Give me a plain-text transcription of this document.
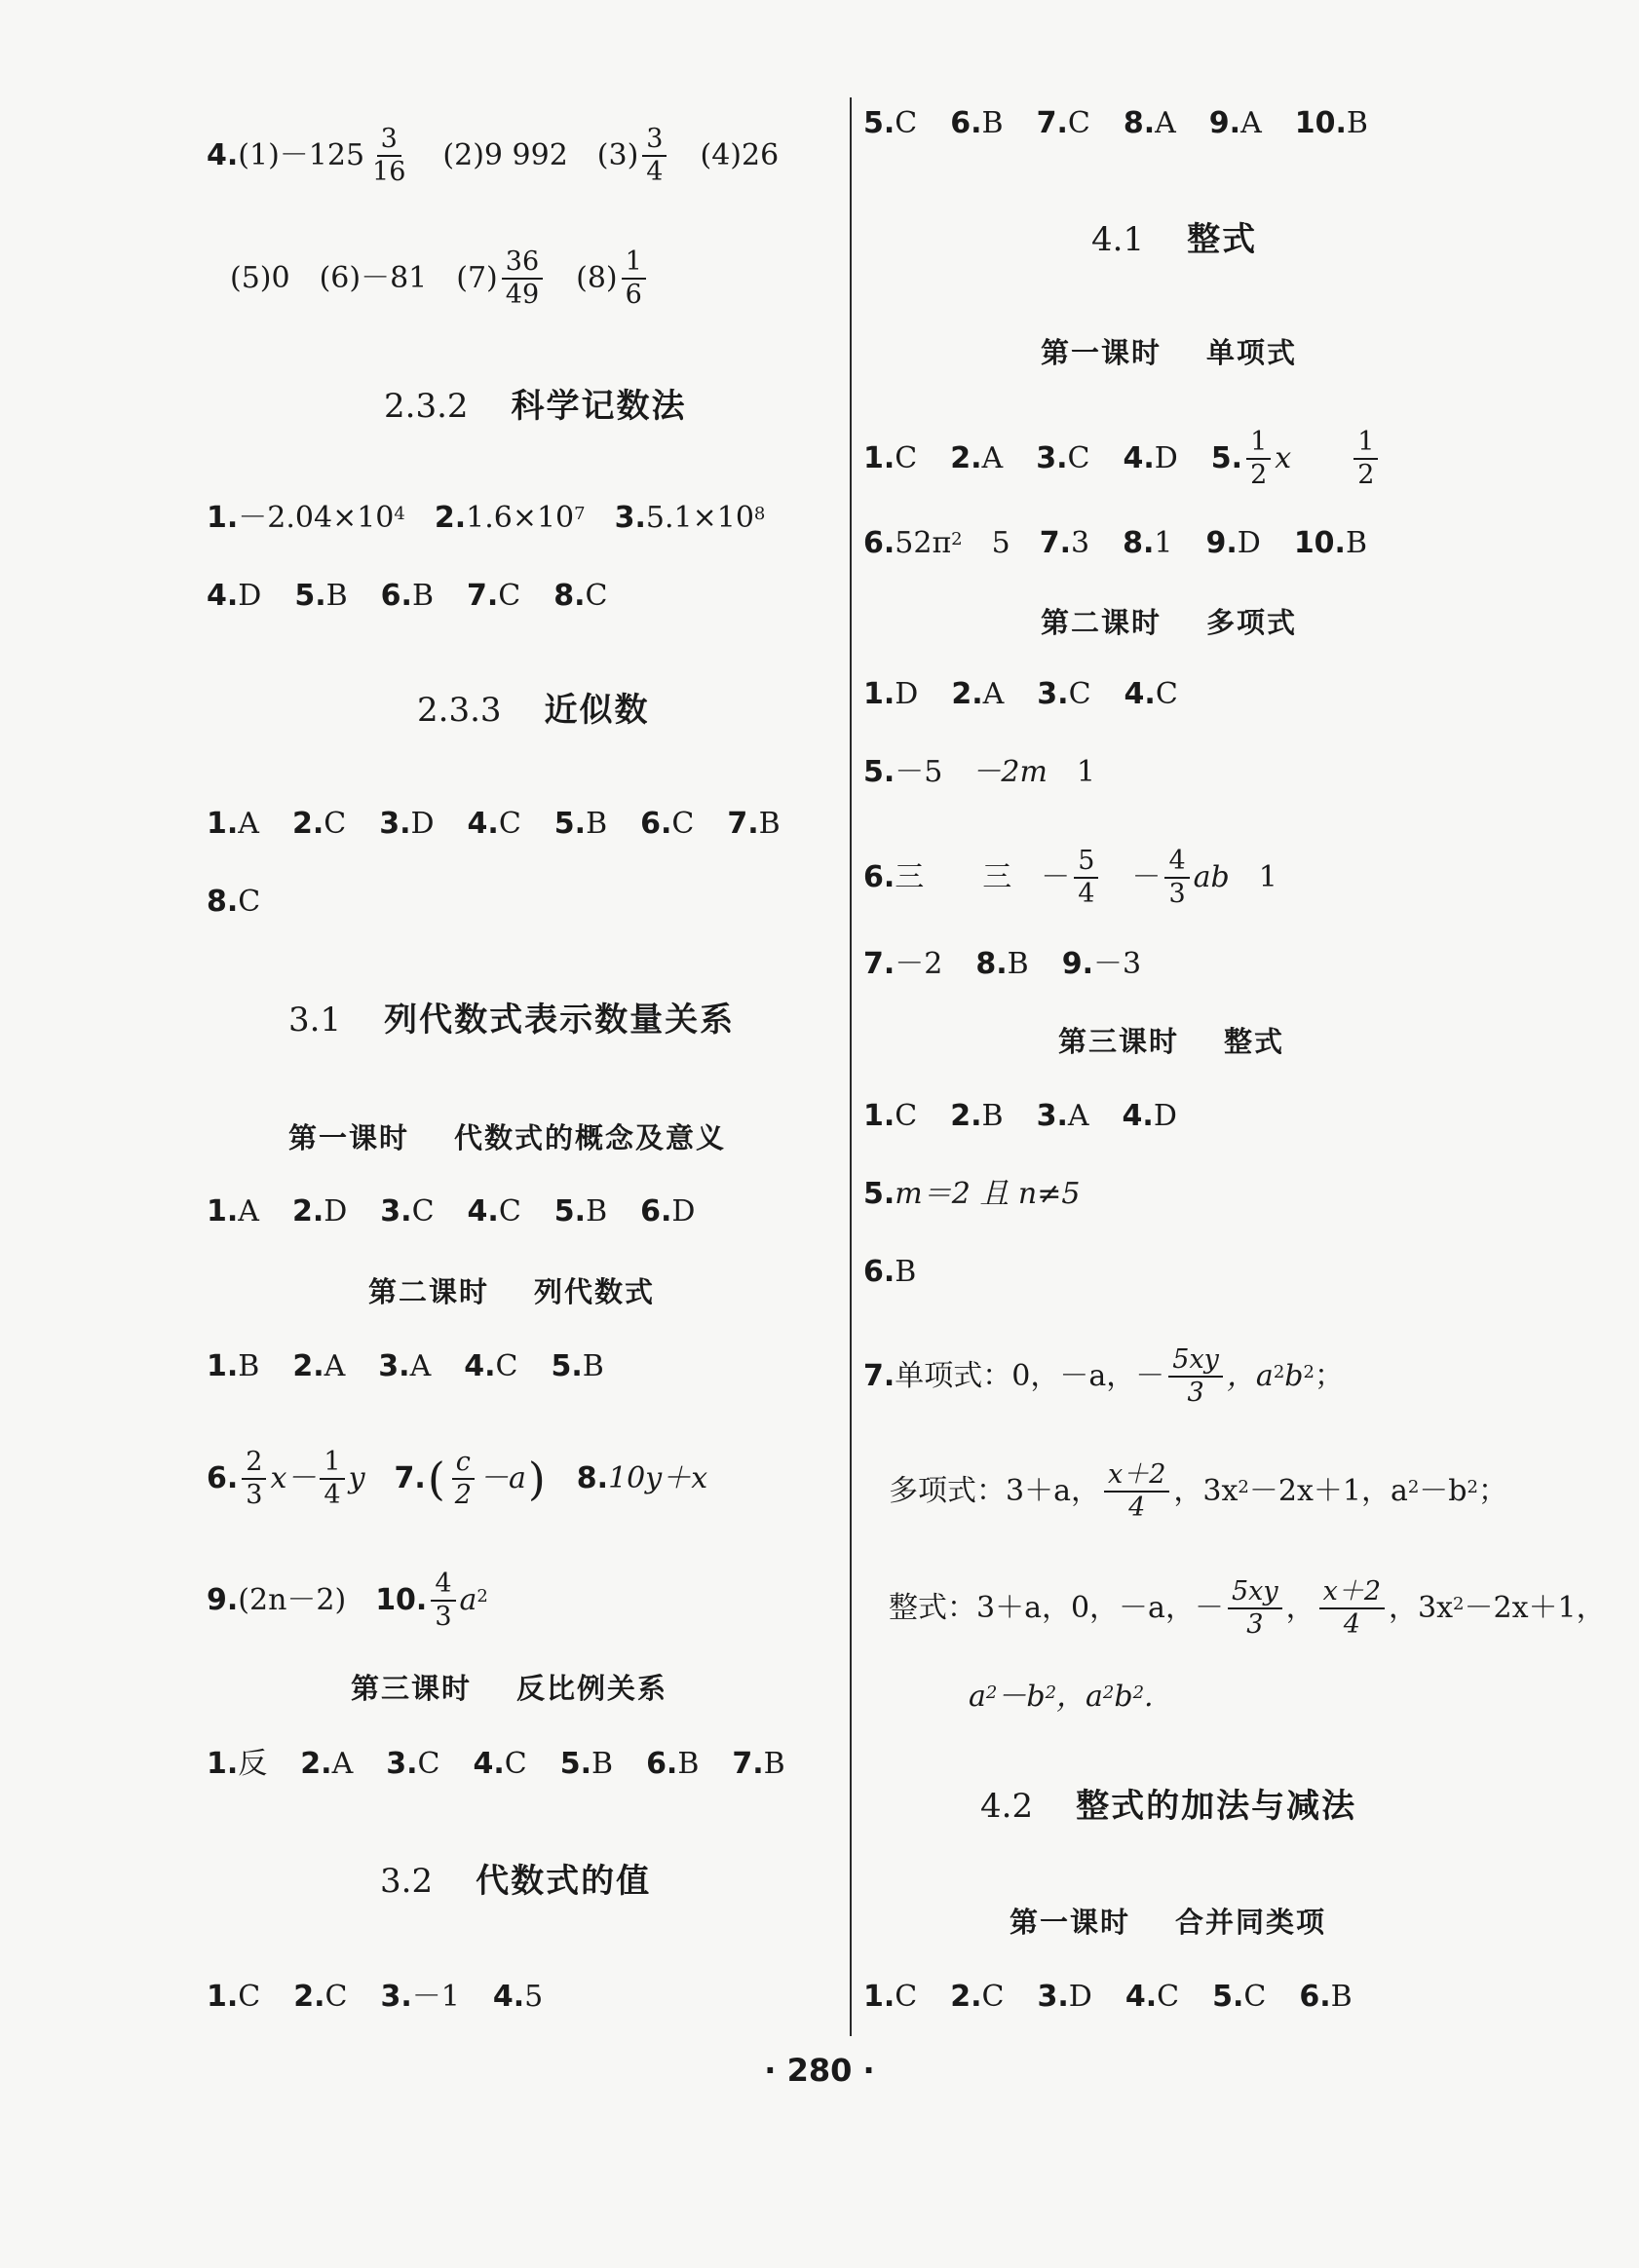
4. $(1)-125 \frac{3}{16} (2)9$ 992 $(3) \frac{3}{4} (4)26$
(5)0 (6)－81 $(7) \frac{36}{49} (8) \frac{1}{6}$
2.3.2 科学记数法
1. $-2.04\times 10^4$ 2. $1.6\times 10^7$ 3. $5.1\times 10^8$
4. D 5. B 6. B 7. C 8. C
2.3.3 近似数
1. A 2. C 3. D 4. C 5. B 6. C 7. B
8. C
3.1 列代数式表示数量关系
第一课时 代数式的概念及意义
1. A 2. D 3. C 4. C 5. B 6. D
第二课时 列代数式
1. B 2. A 3. A 4. C 5. B
6. $\frac{2}{3} x- \frac{1}{4}$ y 7. ( $\frac{c}{2} -a$ ) 8. 10y＋x
9. (2n－2) 10. $\frac{4}{3} a^2$
第三课时 反比例关系
1. 反 2. A 3. C 4. C 5. B 6. B 7. B
3.2 代数式的值
1. C 2. C 3. －1 4. 5
5. C 6. B 7. C 8. A 9. A 10. B
4.1 整式
第一课时 单项式
1. C 2. A 3. C 4. D 5. $\frac{1}{2}$ x $\frac{1}{2}$
6. $52\pi^2$ 5 7. 3 8. 1 9. D 10. B
第二课时 多项式
1. D 2. A 3. C 4. C
5. －5 －2m 1
6. 三 三 － $\frac{5}{4} - \frac{4}{3}$ ab 1
7. －2 8. B 9. －3
第三课时 整式
1. C 2. B 3. A 4. D
5. m＝2 且 n≠5
6. B
7. 单项式：0，－a，－ $\frac{5xy}{3}$ ，$a^2$ $b^2$ ；
多项式：3＋a， $\frac{x+2}{4}$ ，$3x^2 -2x+1$，$a^2 -b^2$ ；
整式：3＋a，0，－a，－ $\frac{5xy}{3}$ ， $\frac{x+2}{4}$ ，$3x^2 -2x+1$，
$a^2 -b^2$ ，$a^2$ $b^2$ .
4.2 整式的加法与减法
第一课时 合并同类项
1. C 2. C 3. D 4. C 5. C 6. B
· 280 ·
